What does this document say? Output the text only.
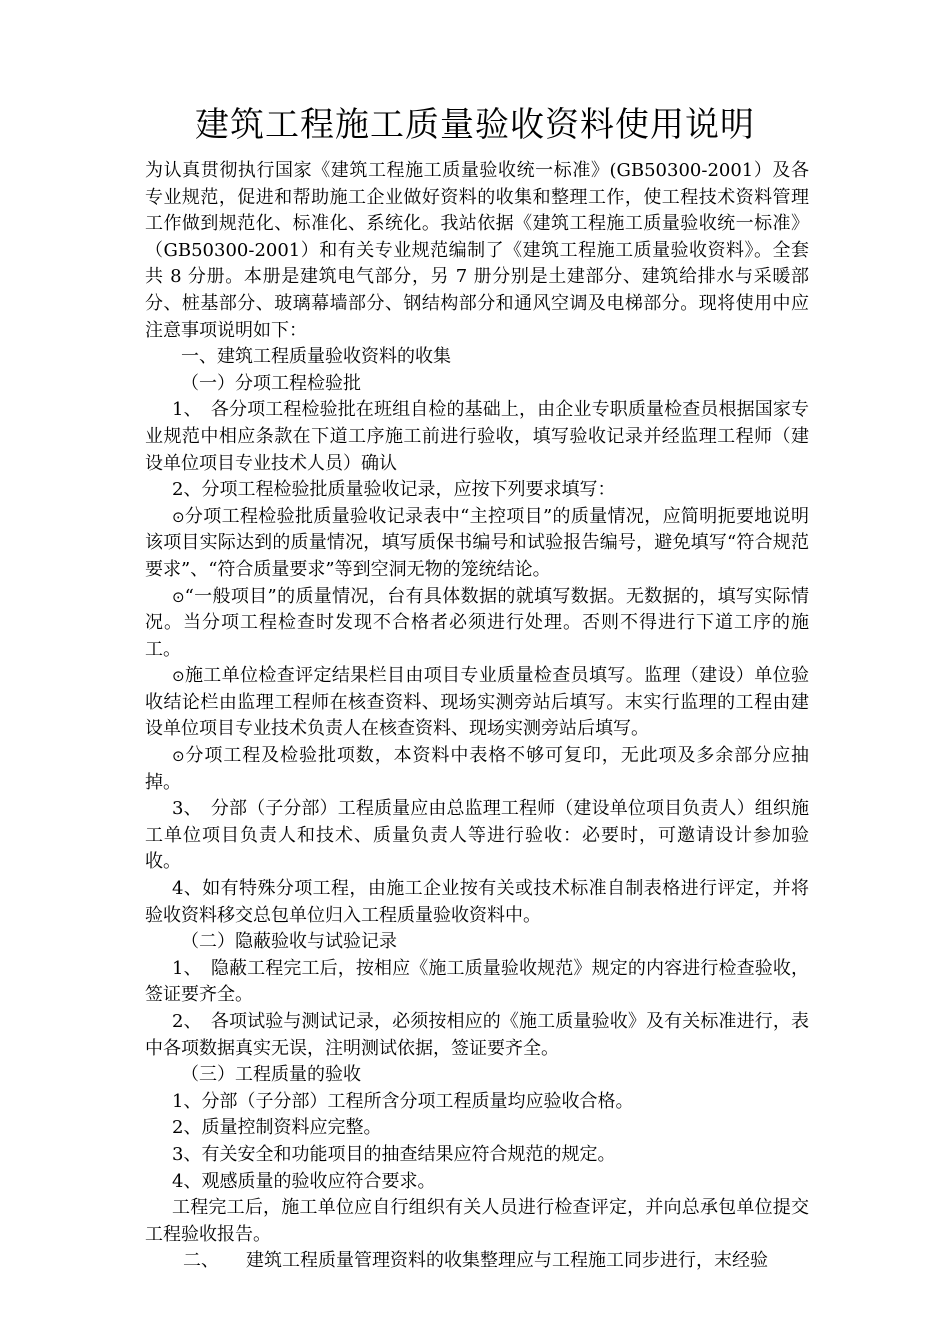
建筑工程施工质量验收资料使用说明

为认真贯彻执行国家《建筑工程施工质量验收统一标准》(GB50300-2001）及各专业规范，促进和帮助施工企业做好资料的收集和整理工作，使工程技术资料管理工作做到规范化、标准化、系统化。我站依据《建筑工程施工质量验收统一标准》（GB50300-2001）和有关专业规范编制了《建筑工程施工质量验收资料》。全套共 8 分册。本册是建筑电气部分，另 7 册分别是土建部分、建筑给排水与采暖部分、桩基部分、玻璃幕墙部分、钢结构部分和通风空调及电梯部分。现将使用中应注意事项说明如下：

一、建筑工程质量验收资料的收集

（一）分项工程检验批

1、　各分项工程检验批在班组自检的基础上，由企业专职质量检查员根据国家专业规范中相应条款在下道工序施工前进行验收，填写验收记录并经监理工程师（建设单位项目专业技术人员）确认

2、分项工程检验批质量验收记录，应按下列要求填写：

⊙分项工程检验批质量验收记录表中“主控项目”的质量情况，应简明扼要地说明该项目实际达到的质量情况，填写质保书编号和试验报告编号，避免填写“符合规范要求”、“符合质量要求”等到空洞无物的笼统结论。

⊙“一般项目”的质量情况，台有具体数据的就填写数据。无数据的，填写实际情况。当分项工程检查时发现不合格者必须进行处理。否则不得进行下道工序的施工。

⊙施工单位检查评定结果栏目由项目专业质量检查员填写。监理（建设）单位验收结论栏由监理工程师在核查资料、现场实测旁站后填写。末实行监理的工程由建设单位项目专业技术负责人在核查资料、现场实测旁站后填写。

⊙分项工程及检验批项数，本资料中表格不够可复印，无此项及多余部分应抽掉。

3、　分部（子分部）工程质量应由总监理工程师（建设单位项目负责人）组织施工单位项目负责人和技术、质量负责人等进行验收：必要时，可邀请设计参加验收。

4、如有特殊分项工程，由施工企业按有关或技术标准自制表格进行评定，并将验收资料移交总包单位归入工程质量验收资料中。

（二）隐蔽验收与试验记录

1、　隐蔽工程完工后，按相应《施工质量验收规范》规定的内容进行检查验收，签证要齐全。

2、　各项试验与测试记录，必须按相应的《施工质量验收》及有关标准进行，表中各项数据真实无误，注明测试依据，签证要齐全。

（三）工程质量的验收

1、分部（子分部）工程所含分项工程质量均应验收合格。

2、质量控制资料应完整。

3、有关安全和功能项目的抽查结果应符合规范的规定。

4、观感质量的验收应符合要求。

工程完工后，施工单位应自行组织有关人员进行检查评定，并向总承包单位提交工程验收报告。

二、　　建筑工程质量管理资料的收集整理应与工程施工同步进行，末经验
